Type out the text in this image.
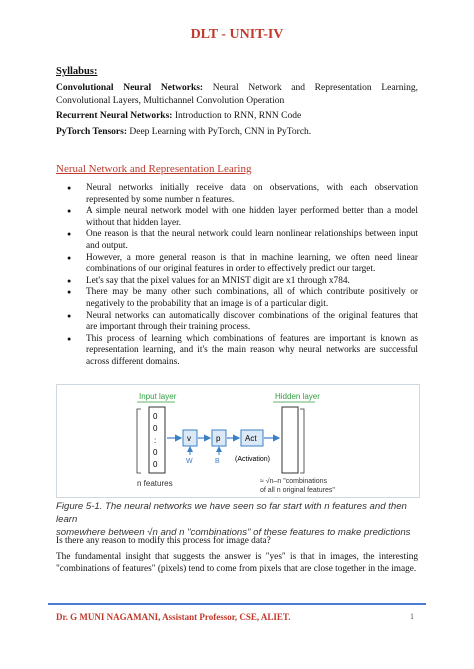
DLT - UNIT-IV
Syllabus:
Convolutional Neural Networks: Neural Network and Representation Learning, Convolutional Layers, Multichannel Convolution Operation
Recurrent Neural Networks: Introduction to RNN, RNN Code
PyTorch Tensors: Deep Learning with PyTorch, CNN in PyTorch.
Nerual Network and Representation Learing
● Neural networks initially receive data on observations, with each observation represented by some number n features.
● A simple neural network model with one hidden layer performed better than a model without that hidden layer.
● One reason is that the neural network could learn nonlinear relationships between input and output.
● However, a more general reason is that in machine learning, we often need linear combinations of our original features in order to effectively predict our target.
● Let's say that the pixel values for an MNIST digit are x1 through x784.
● There may be many other such combinations, all of which contribute positively or negatively to the probability that an image is of a particular digit.
● Neural networks can automatically discover combinations of the original features that are important through their training process.
● This process of learning which combinations of features are important is known as representation learning, and it's the main reason why neural networks are successful across different domains.
Input layer
0
0
:
0
0
n features
v
W
p
B
Act
(Activation)
Hidden layer
≈ √n–n "combinations
of all n original features"
Figure 5-1. The neural networks we have seen so far start with n features and then learn
somewhere between √n and n "combinations" of these features to make predictions
Is there any reason to modify this process for image data?
The fundamental insight that suggests the answer is "yes" is that in images, the interesting "combinations of features" (pixels) tend to come from pixels that are close together in the image.
Dr. G MUNI NAGAMANI, Assistant Professor, CSE, ALIET.	1
